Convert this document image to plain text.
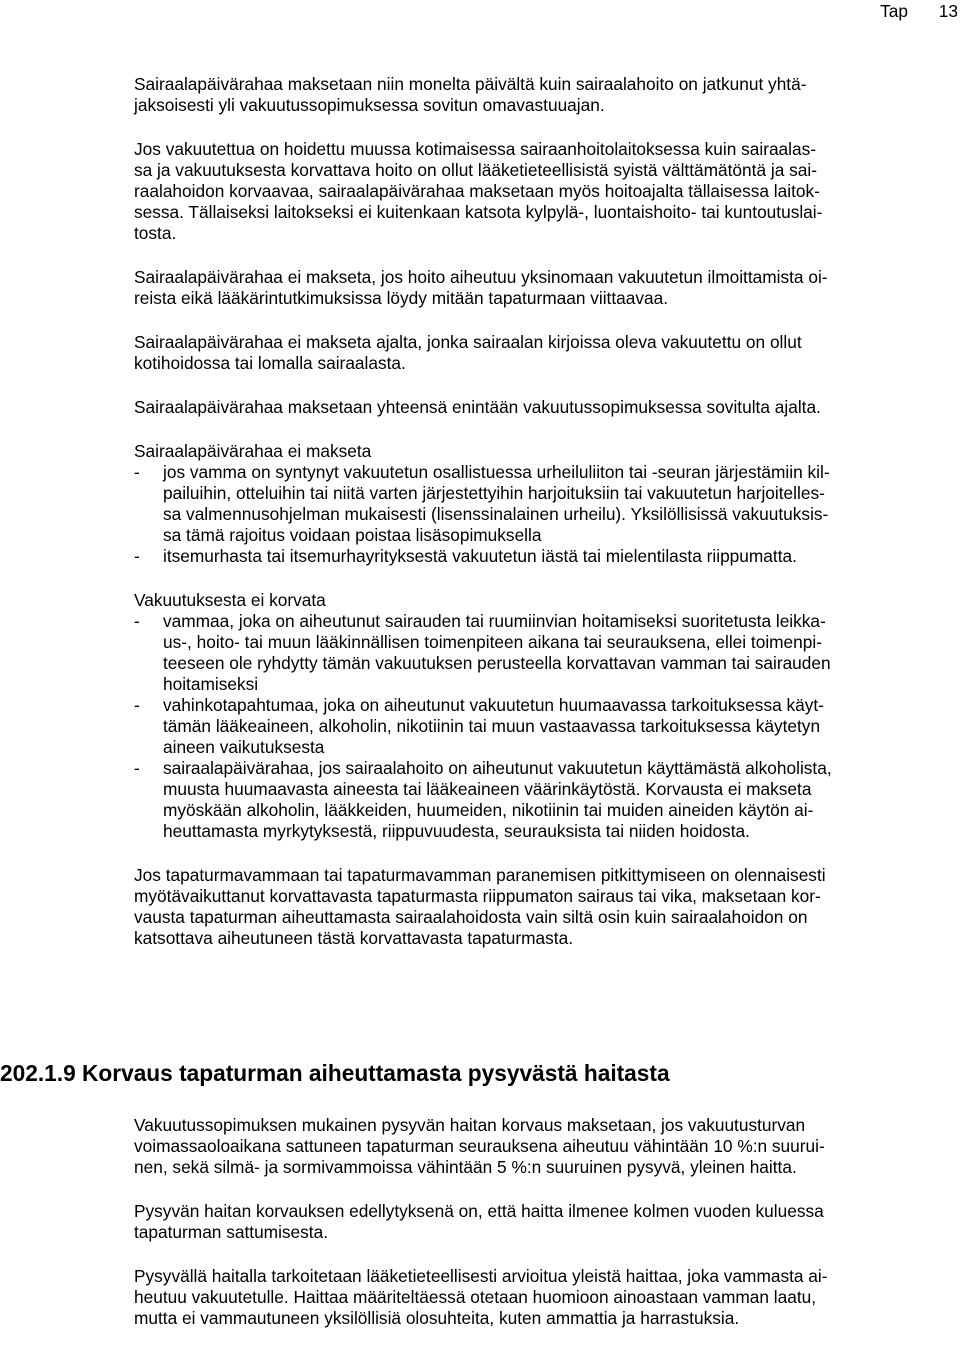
Tap 13

Sairaalapäivärahaa maksetaan niin monelta päivältä kuin sairaalahoito on jatkunut yhtä-
jaksoisesti yli vakuutussopimuksessa sovitun omavastuuajan.

Jos vakuutettua on hoidettu muussa kotimaisessa sairaanhoitolaitoksessa kuin sairaalas-
sa ja vakuutuksesta korvattava hoito on ollut lääketieteellisistä syistä välttämätöntä ja sai-
raalahoidon korvaavaa, sairaalapäivärahaa maksetaan myös hoitoajalta tällaisessa laitok-
sessa. Tällaiseksi laitokseksi ei kuitenkaan katsota kylpylä-, luontaishoito- tai kuntoutuslai-
tosta.

Sairaalapäivärahaa ei makseta, jos hoito aiheutuu yksinomaan vakuutetun ilmoittamista oi-
reista eikä lääkärintutkimuksissa löydy mitään tapaturmaan viittaavaa.

Sairaalapäivärahaa ei makseta ajalta, jonka sairaalan kirjoissa oleva vakuutettu on ollut
kotihoidossa tai lomalla sairaalasta.

Sairaalapäivärahaa maksetaan yhteensä enintään vakuutussopimuksessa sovitulta ajalta.

Sairaalapäivärahaa ei makseta

- jos vamma on syntynyt vakuutetun osallistuessa urheiluliiton tai -seuran järjestämiin kil-
pailuihin, otteluihin tai niitä varten järjestettyihin harjoituksiin tai vakuutetun harjoitelles-
sa valmennusohjelman mukaisesti (lisenssinalainen urheilu). Yksilöllisissä vakuutuksis-
sa tämä rajoitus voidaan poistaa lisäsopimuksella
- itsemurhasta tai itsemurhayrityksestä vakuutetun iästä tai mielentilasta riippumatta.

Vakuutuksesta ei korvata

- vammaa, joka on aiheutunut sairauden tai ruumiinvian hoitamiseksi suoritetusta leikka-
us-, hoito- tai muun lääkinnällisen toimenpiteen aikana tai seurauksena, ellei toimenpi-
teeseen ole ryhdytty tämän vakuutuksen perusteella korvattavan vamman tai sairauden
hoitamiseksi
- vahinkotapahtumaa, joka on aiheutunut vakuutetun huumaavassa tarkoituksessa käyt-
tämän lääkeaineen, alkoholin, nikotiinin tai muun vastaavassa tarkoituksessa käytetyn
aineen vaikutuksesta
- sairaalapäivärahaa, jos sairaalahoito on aiheutunut vakuutetun käyttämästä alkoholista,
muusta huumaavasta aineesta tai lääkeaineen väärinkäytöstä. Korvausta ei makseta
myöskään alkoholin, lääkkeiden, huumeiden, nikotiinin tai muiden aineiden käytön ai-
heuttamasta myrkytyksestä, riippuvuudesta, seurauksista tai niiden hoidosta.

Jos tapaturmavammaan tai tapaturmavamman paranemisen pitkittymiseen on olennaisesti
myötävaikuttanut korvattavasta tapaturmasta riippumaton sairaus tai vika, maksetaan kor-
vausta tapaturman aiheuttamasta sairaalahoidosta vain siltä osin kuin sairaalahoidon on
katsottava aiheutuneen tästä korvattavasta tapaturmasta.

202.1.9 Korvaus tapaturman aiheuttamasta pysyvästä haitasta

Vakuutussopimuksen mukainen pysyvän haitan korvaus maksetaan, jos vakuutusturvan
voimassaoloaikana sattuneen tapaturman seurauksena aiheutuu vähintään 10 %:n suurui-
nen, sekä silmä- ja sormivammoissa vähintään 5 %:n suuruinen pysyvä, yleinen haitta.

Pysyvän haitan korvauksen edellytyksenä on, että haitta ilmenee kolmen vuoden kuluessa
tapaturman sattumisesta.

Pysyvällä haitalla tarkoitetaan lääketieteellisesti arvioitua yleistä haittaa, joka vammasta ai-
heutuu vakuutetulle. Haittaa määriteltäessä otetaan huomioon ainoastaan vamman laatu,
mutta ei vammautuneen yksilöllisiä olosuhteita, kuten ammattia ja harrastuksia.
